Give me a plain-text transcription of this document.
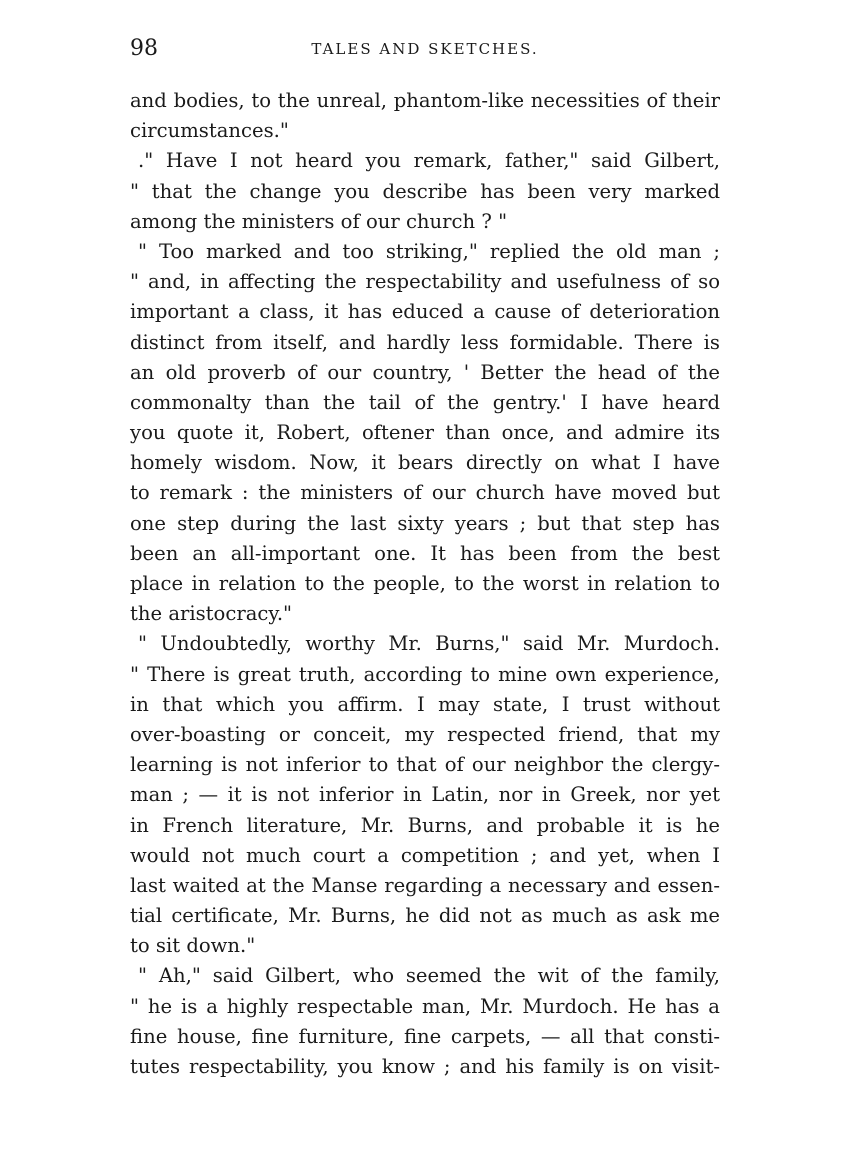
98	TALES AND SKETCHES.
and bodies, to the unreal, phantom-like necessities of their
circumstances."
." Have I not heard you remark, father," said Gilbert,
" that the change you describe has been very marked
among the ministers of our church ? "
" Too marked and too striking," replied the old man ;
" and, in affecting the respectability and usefulness of so
important a class, it has educed a cause of deterioration
distinct from itself, and hardly less formidable. There is
an old proverb of our country, ' Better the head of the
commonalty than the tail of the gentry.' I have heard
you quote it, Robert, oftener than once, and admire its
homely wisdom. Now, it bears directly on what I have
to remark : the ministers of our church have moved but
one step during the last sixty years ; but that step has
been an all-important one. It has been from the best
place in relation to the people, to the worst in relation to
the aristocracy."
" Undoubtedly, worthy Mr. Burns," said Mr. Murdoch.
" There is great truth, according to mine own experience,
in that which you affirm. I may state, I trust without
over-boasting or conceit, my respected friend, that my
learning is not inferior to that of our neighbor the clergy-
man ; — it is not inferior in Latin, nor in Greek, nor yet
in French literature, Mr. Burns, and probable it is he
would not much court a competition ; and yet, when I
last waited at the Manse regarding a necessary and essen-
tial certificate, Mr. Burns, he did not as much as ask me
to sit down."
" Ah," said Gilbert, who seemed the wit of the family,
" he is a highly respectable man, Mr. Murdoch. He has a
fine house, fine furniture, fine carpets, — all that consti-
tutes respectability, you know ; and his family is on visit-
